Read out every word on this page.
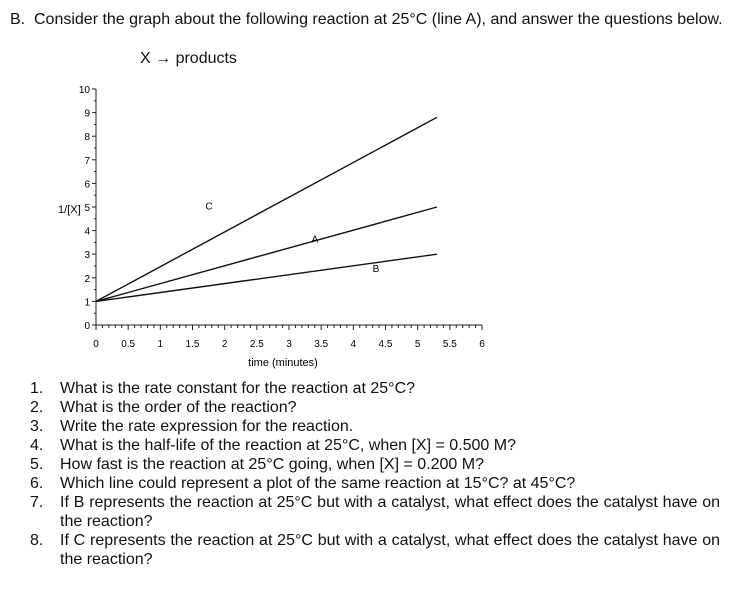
B. Consider the graph about the following reaction at 25°C (line A), and answer the questions below.
X → products
C
A
B
0
1
2
3
4
5
6
7
8
9
10
0 0.5 1 1.5 2 2.5 3 3.5 4 4.5 5 5.5 6
1/[X]
time (minutes)
1.	What is the rate constant for the reaction at 25°C?
2.	What is the order of the reaction?
3.	Write the rate expression for the reaction.
4.	What is the half-life of the reaction at 25°C, when [X] = 0.500 M?
5.	How fast is the reaction at 25°C going, when [X] = 0.200 M?
6.	Which line could represent a plot of the same reaction at 15°C? at 45°C?
7.	If B represents the reaction at 25°C but with a catalyst, what effect does the catalyst have on the reaction?
8.	If C represents the reaction at 25°C but with a catalyst, what effect does the catalyst have on the reaction?
